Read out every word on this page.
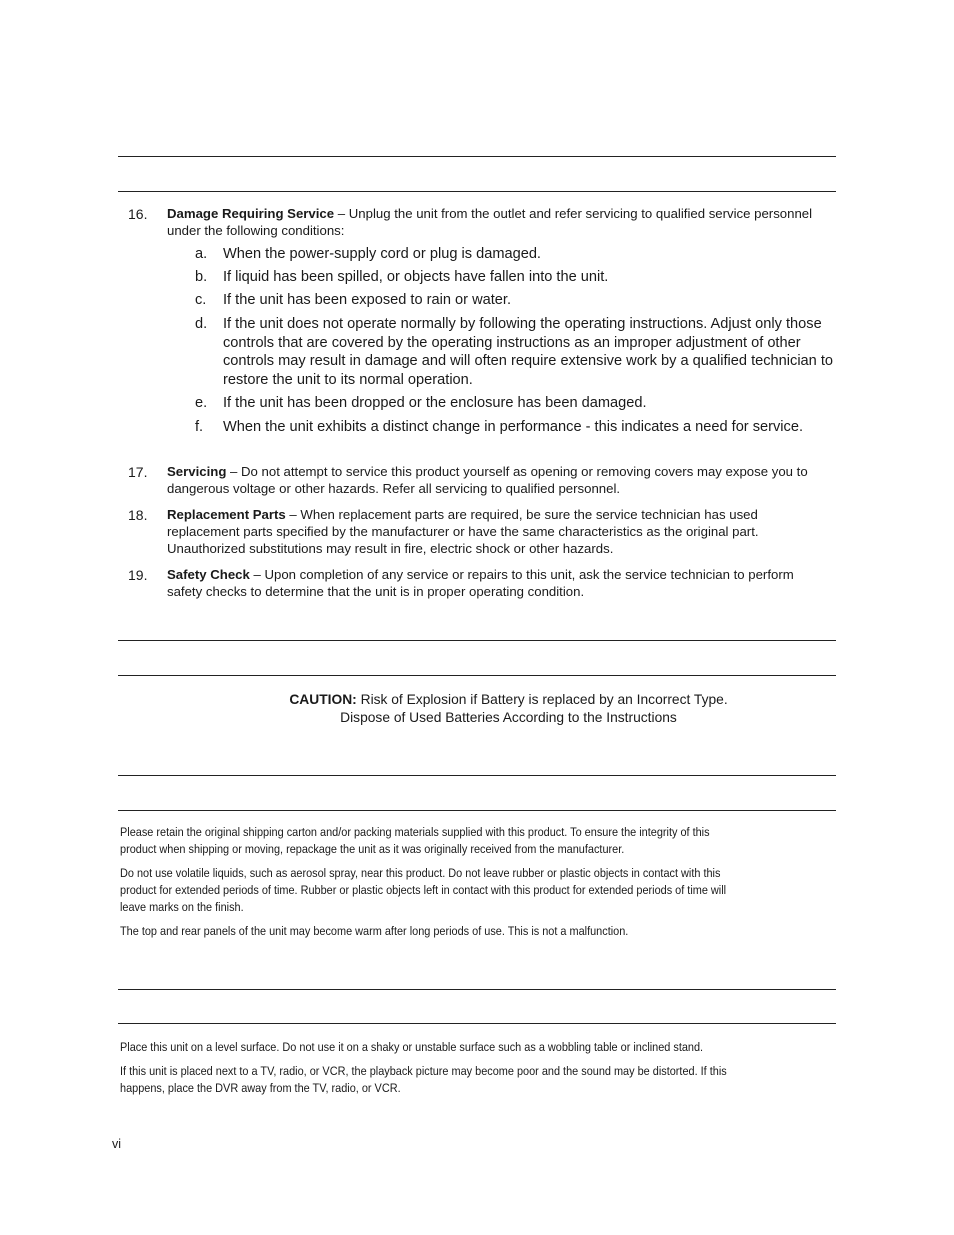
16. Damage Requiring Service – Unplug the unit from the outlet and refer servicing to qualified service personnel under the following conditions:
a. When the power-supply cord or plug is damaged.
b. If liquid has been spilled, or objects have fallen into the unit.
c. If the unit has been exposed to rain or water.
d. If the unit does not operate normally by following the operating instructions. Adjust only those controls that are covered by the operating instructions as an improper adjustment of other controls may result in damage and will often require extensive work by a qualified technician to restore the unit to its normal operation.
e. If the unit has been dropped or the enclosure has been damaged.
f. When the unit exhibits a distinct change in performance - this indicates a need for service.
17. Servicing – Do not attempt to service this product yourself as opening or removing covers may expose you to dangerous voltage or other hazards. Refer all servicing to qualified personnel.
18. Replacement Parts – When replacement parts are required, be sure the service technician has used replacement parts specified by the manufacturer or have the same characteristics as the original part. Unauthorized substitutions may result in fire, electric shock or other hazards.
19. Safety Check – Upon completion of any service or repairs to this unit, ask the service technician to perform safety checks to determine that the unit is in proper operating condition.
CAUTION: Risk of Explosion if Battery is replaced by an Incorrect Type.
Dispose of Used Batteries According to the Instructions
Please retain the original shipping carton and/or packing materials supplied with this product. To ensure the integrity of this product when shipping or moving, repackage the unit as it was originally received from the manufacturer.
Do not use volatile liquids, such as aerosol spray, near this product. Do not leave rubber or plastic objects in contact with this product for extended periods of time. Rubber or plastic objects left in contact with this product for extended periods of time will leave marks on the finish.
The top and rear panels of the unit may become warm after long periods of use. This is not a malfunction.
Place this unit on a level surface. Do not use it on a shaky or unstable surface such as a wobbling table or inclined stand.
If this unit is placed next to a TV, radio, or VCR, the playback picture may become poor and the sound may be distorted. If this happens, place the DVR away from the TV, radio, or VCR.
vi
